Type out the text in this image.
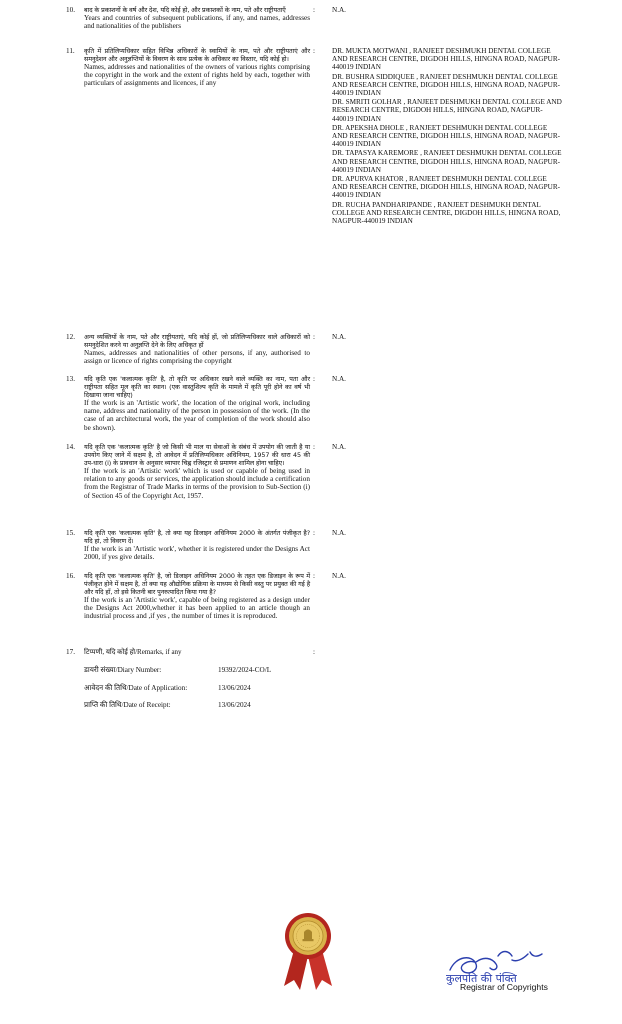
10. बाद के प्रकाशनों के वर्ष और देश, यदि कोई हो, और प्रकाशकों के नाम, पते और राष्ट्रीयताएँ
Years and countries of subsequent publications, if any, and names, addresses and nationalities of the publishers
: N.A.
11. कृति में प्रतिलिप्यधिकार सहित विभिन्न अधिकारों के स्वामियों के नाम, पते और राष्ट्रीयताएं और समनुदेशन और अनुज्ञप्तियों के विवरण के साथ प्रत्येक के अधिकार का विस्तार, यदि कोई हो।
Names, addresses and nationalities of the owners of various rights comprising the copyright in the work and the extent of rights held by each, together with particulars of assignments and licences, if any
: DR. MUKTA MOTWANI , RANJEET DESHMUKH DENTAL COLLEGE AND RESEARCH CENTRE, DIGDOH HILLS, HINGNA ROAD, NAGPUR-440019 INDIAN
DR. BUSHRA SIDDIQUEE , RANJEET DESHMUKH DENTAL COLLEGE AND RESEARCH CENTRE, DIGDOH HILLS, HINGNA ROAD, NAGPUR-440019 INDIAN
DR. SMRITI GOLHAR , RANJEET DESHMUKH DENTAL COLLEGE AND RESEARCH CENTRE, DIGDOH HILLS, HINGNA ROAD, NAGPUR-440019 INDIAN
DR. APEKSHA DHOLE , RANJEET DESHMUKH DENTAL COLLEGE AND RESEARCH CENTRE, DIGDOH HILLS, HINGNA ROAD, NAGPUR-440019 INDIAN
DR. TAPASYA KAREMORE , RANJEET DESHMUKH DENTAL COLLEGE AND RESEARCH CENTRE, DIGDOH HILLS, HINGNA ROAD, NAGPUR-440019 INDIAN
DR. APURVA KHATOR , RANJEET DESHMUKH DENTAL COLLEGE AND RESEARCH CENTRE, DIGDOH HILLS, HINGNA ROAD, NAGPUR-440019 INDIAN
DR. RUCHA PANDHARIPANDE , RANJEET DESHMUKH DENTAL COLLEGE AND RESEARCH CENTRE, DIGDOH HILLS, HINGNA ROAD, NAGPUR-440019 INDIAN
12. अन्य व्यक्तियों के नाम, पते और राष्ट्रीयताएं, यदि कोई हों, जो प्रतिलिप्यधिकार वाले अधिकारों को समनुदेशित करने या अनुज्ञप्ति देने के लिए अधिकृत हों
Names, addresses and nationalities of other persons, if any, authorised to assign or licence of rights comprising the copyright
: N.A.
13. यदि कृति एक 'कलात्मक कृति' है, तो कृति पर अधिकार रखने वाले व्यक्ति का नाम, पता और राष्ट्रीयता सहित मूल कृति का स्थान। (एक वास्तुशिल्प कृति के मामले में कृति पूरी होने का वर्ष भी दिखाया जाना चाहिए)
If the work is an 'Artistic work', the location of the original work, including name, address and nationality of the person in possession of the work. (In the case of an architectural work, the year of completion of the work should also be shown).
: N.A.
14. यदि कृति एक 'कलात्मक कृति' है जो किसी भी माल या सेवाओं के संबंध में उपयोग की जाती है या उपयोग किए जाने में सक्षम है, तो आवेदन में प्रतिलिप्यधिकार अधिनियम, 1957 की धारा 45 की उप-धारा (i) के प्रावधान के अनुसार व्यापार चिह्न रजिस्ट्रार से प्रमाणन शामिल होना चाहिए।
If the work is an 'Artistic work' which is used or capable of being used in relation to any goods or services, the application should include a certification from the Registrar of Trade Marks in terms of the provision to Sub-Section (i) of Section 45 of the Copyright Act, 1957.
: N.A.
15. यदि कृति एक 'कलात्मक कृति' है, तो क्या यह डिजाइन अधिनियम 2000 के अंतर्गत पंजीकृत है? यदि हां, तो विवरण दें।
If the work is an 'Artistic work', whether it is registered under the Designs Act 2000, if yes give details.
: N.A.
16. यदि कृति एक 'कलात्मक कृति' है, जो डिजाइन अधिनियम 2000 के तहत एक डिजाइन के रूप में पंजीकृत होने में सक्षम है, तो क्या यह औद्योगिक प्रक्रिया के माध्यम से किसी वस्तु पर प्रयुक्त की गई है और यदि हाँ, तो इसे कितनी बार पुनरुत्पादित किया गया है?
If the work is an 'Artistic work', capable of being registered as a design under the Designs Act 2000,whether it has been applied to an article though an industrial process and ,if yes , the number of times it is reproduced.
: N.A.
17. टिप्पणी, यदि कोई हो/Remarks, if any	:
डायरी संख्या/Diary Number:	19392/2024-CO/L
आवेदन की तिथि/Date of Application:	13/06/2024
प्राप्ति की तिथि/Date of Receipt:	13/06/2024
कुलपति की पंक्ति
Registrar of Copyrights
